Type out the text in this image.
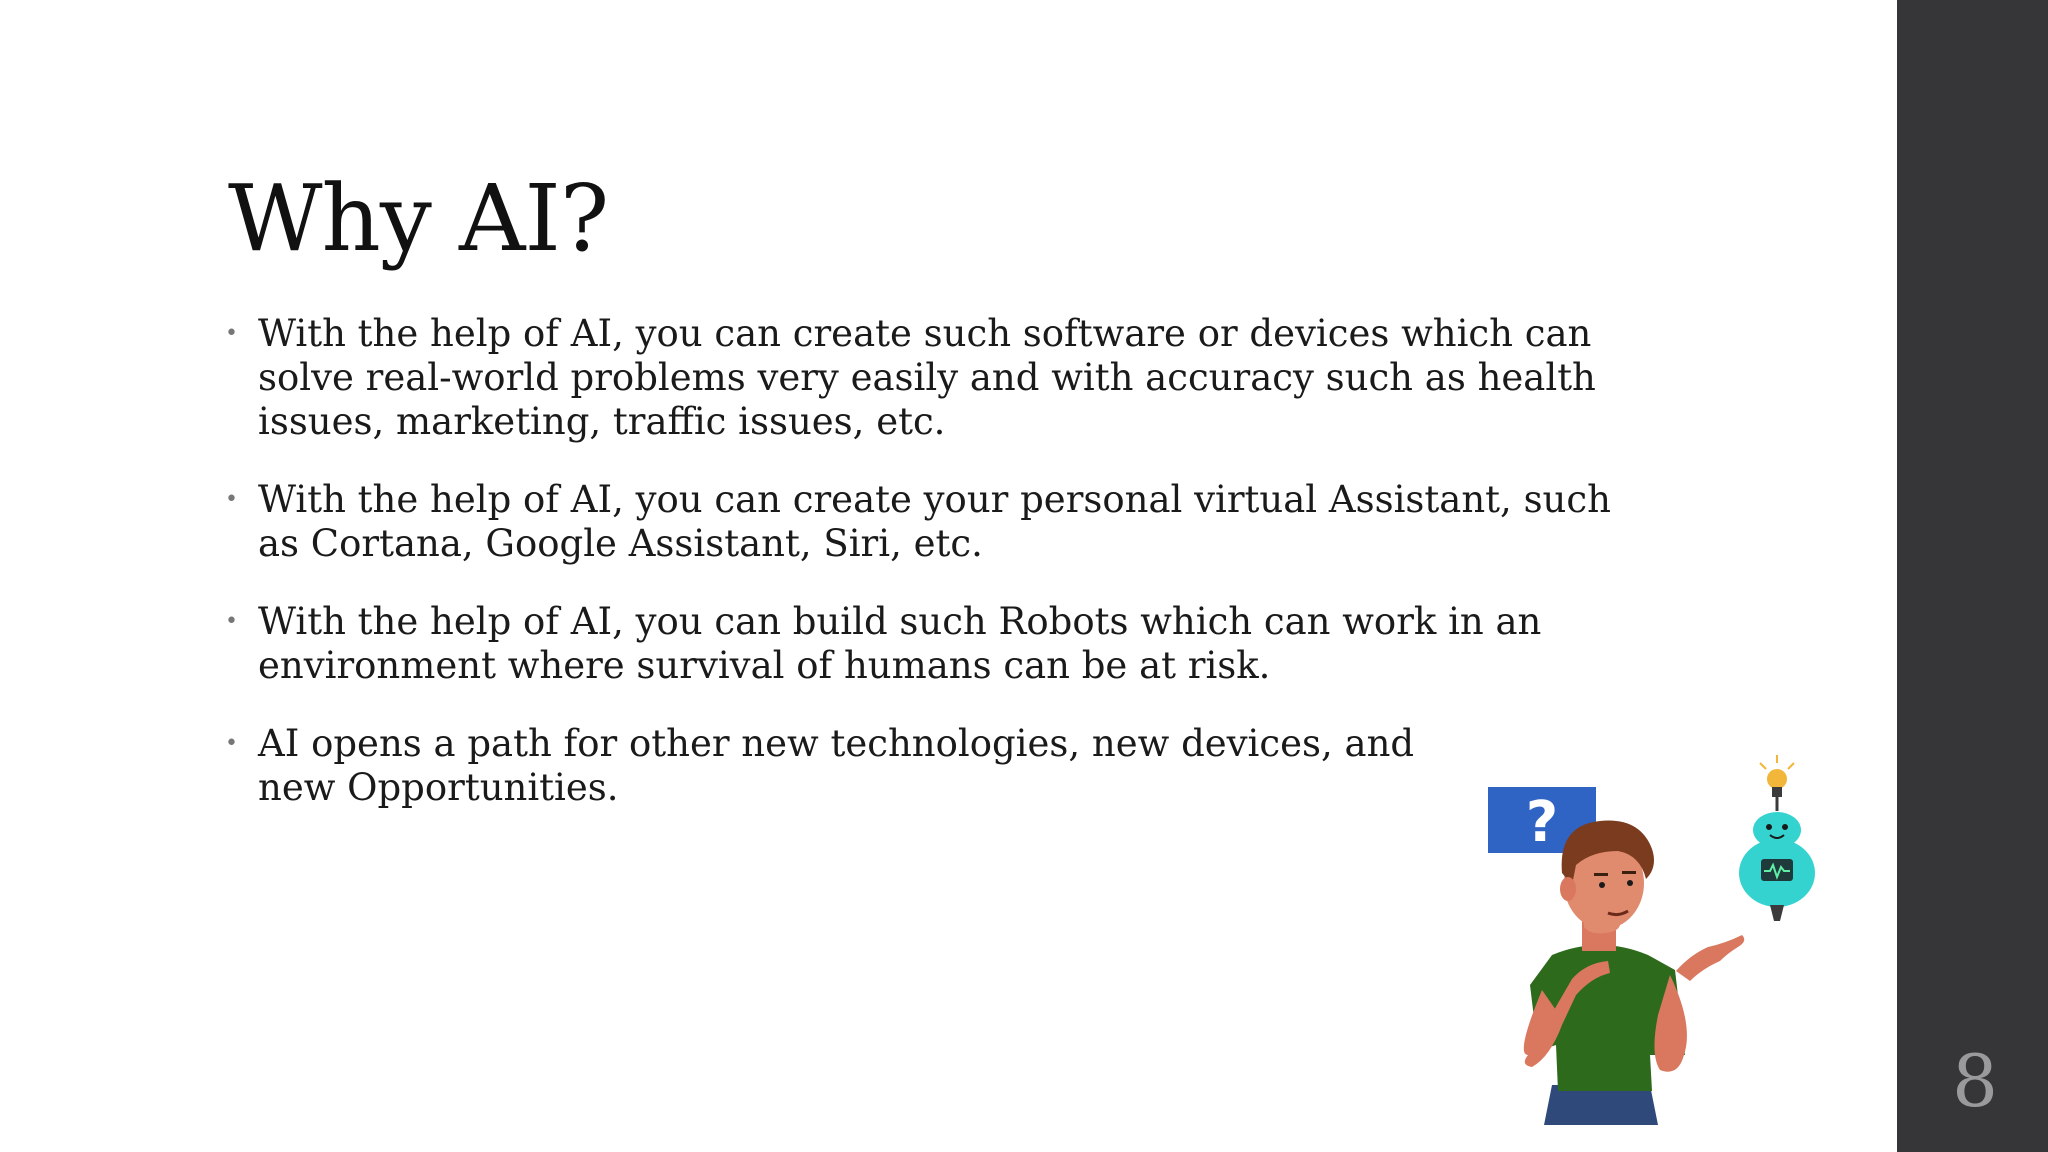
Why AI?
• With the help of AI, you can create such software or devices which can solve real-world problems very easily and with accuracy such as health issues, marketing, traffic issues, etc.
• With the help of AI, you can create your personal virtual Assistant, such as Cortana, Google Assistant, Siri, etc.
• With the help of AI, you can build such Robots which can work in an environment where survival of humans can be at risk.
• AI opens a path for other new technologies, new devices, and new Opportunities.
?
8
